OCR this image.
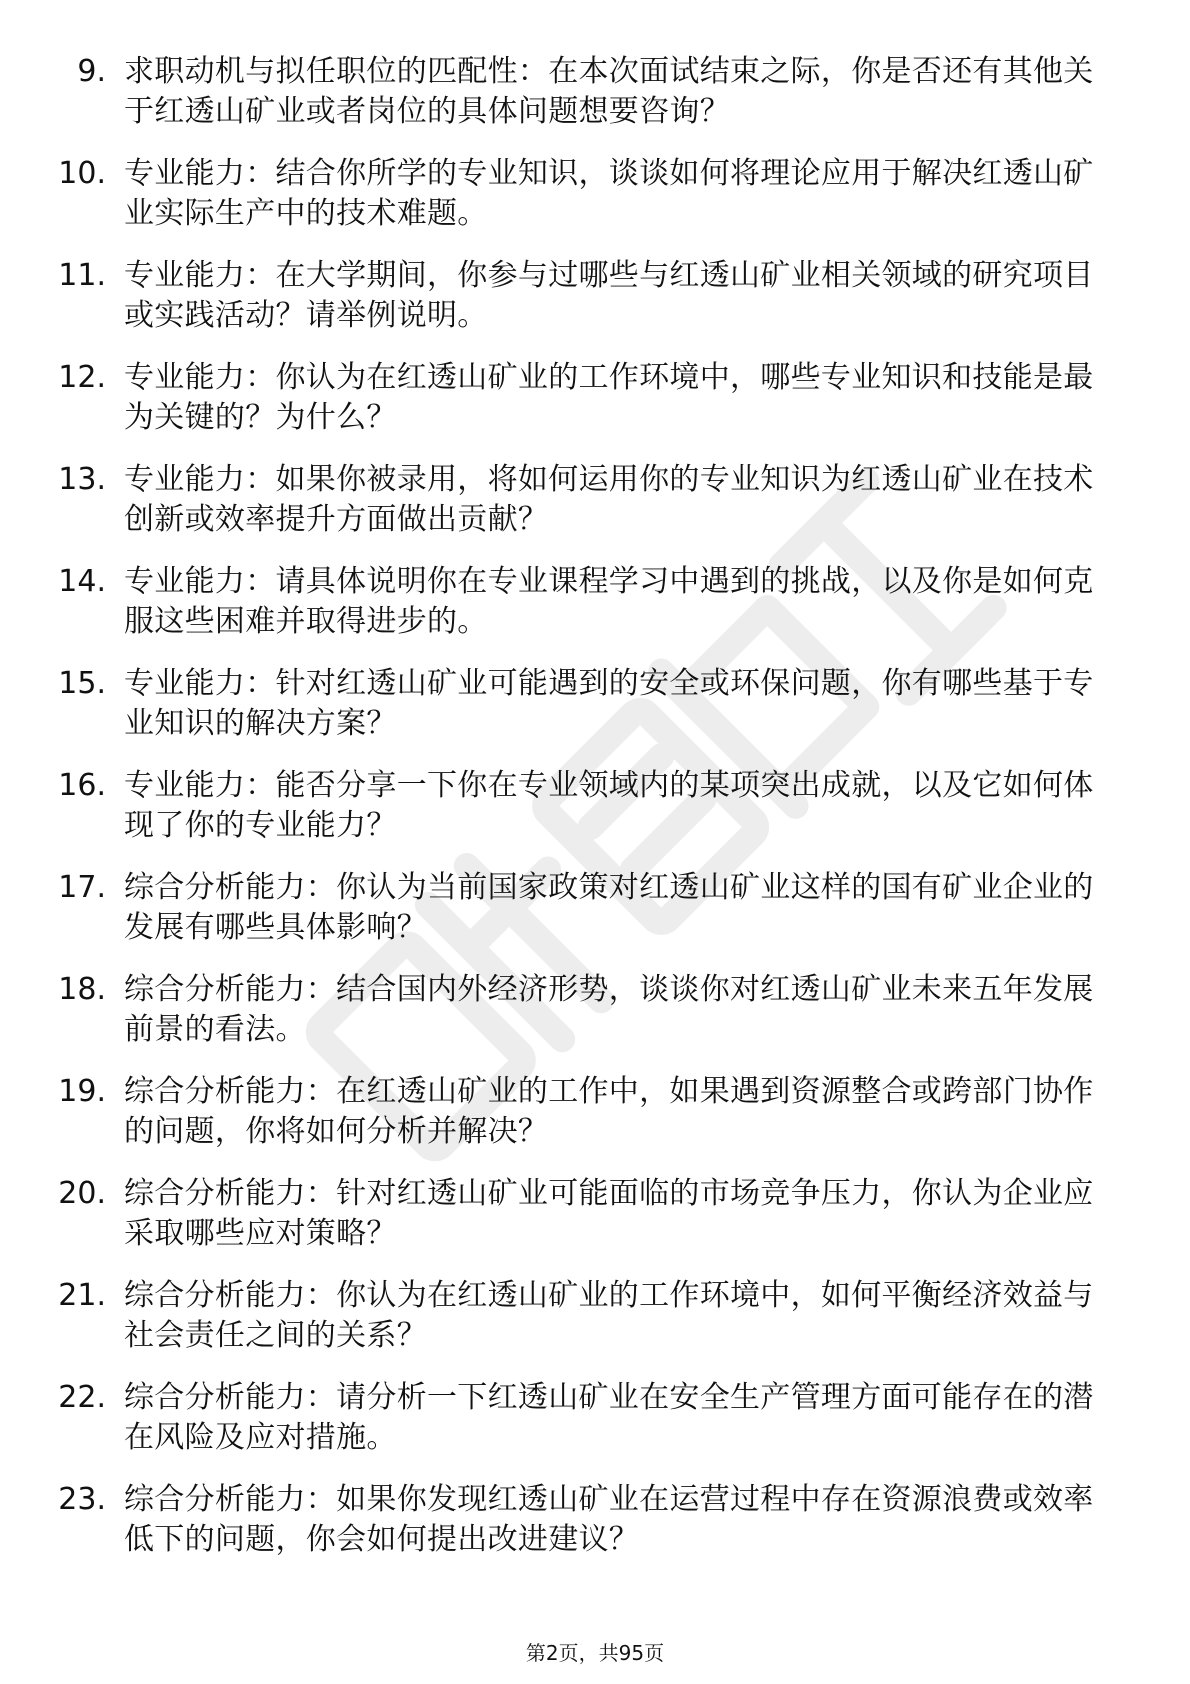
9. 求职动机与拟任职位的匹配性：在本次面试结束之际，你是否还有其他关于红透山矿业或者岗位的具体问题想要咨询？
10. 专业能力：结合你所学的专业知识，谈谈如何将理论应用于解决红透山矿业实际生产中的技术难题。
11. 专业能力：在大学期间，你参与过哪些与红透山矿业相关领域的研究项目或实践活动？请举例说明。
12. 专业能力：你认为在红透山矿业的工作环境中，哪些专业知识和技能是最为关键的？为什么？
13. 专业能力：如果你被录用，将如何运用你的专业知识为红透山矿业在技术创新或效率提升方面做出贡献？
14. 专业能力：请具体说明你在专业课程学习中遇到的挑战，以及你是如何克服这些困难并取得进步的。
15. 专业能力：针对红透山矿业可能遇到的安全或环保问题，你有哪些基于专业知识的解决方案？
16. 专业能力：能否分享一下你在专业领域内的某项突出成就，以及它如何体现了你的专业能力？
17. 综合分析能力：你认为当前国家政策对红透山矿业这样的国有矿业企业的发展有哪些具体影响？
18. 综合分析能力：结合国内外经济形势，谈谈你对红透山矿业未来五年发展前景的看法。
19. 综合分析能力：在红透山矿业的工作中，如果遇到资源整合或跨部门协作的问题，你将如何分析并解决？
20. 综合分析能力：针对红透山矿业可能面临的市场竞争压力，你认为企业应采取哪些应对策略？
21. 综合分析能力：你认为在红透山矿业的工作环境中，如何平衡经济效益与社会责任之间的关系？
22. 综合分析能力：请分析一下红透山矿业在安全生产管理方面可能存在的潜在风险及应对措施。
23. 综合分析能力：如果你发现红透山矿业在运营过程中存在资源浪费或效率低下的问题，你会如何提出改进建议？
第2页，共95页
